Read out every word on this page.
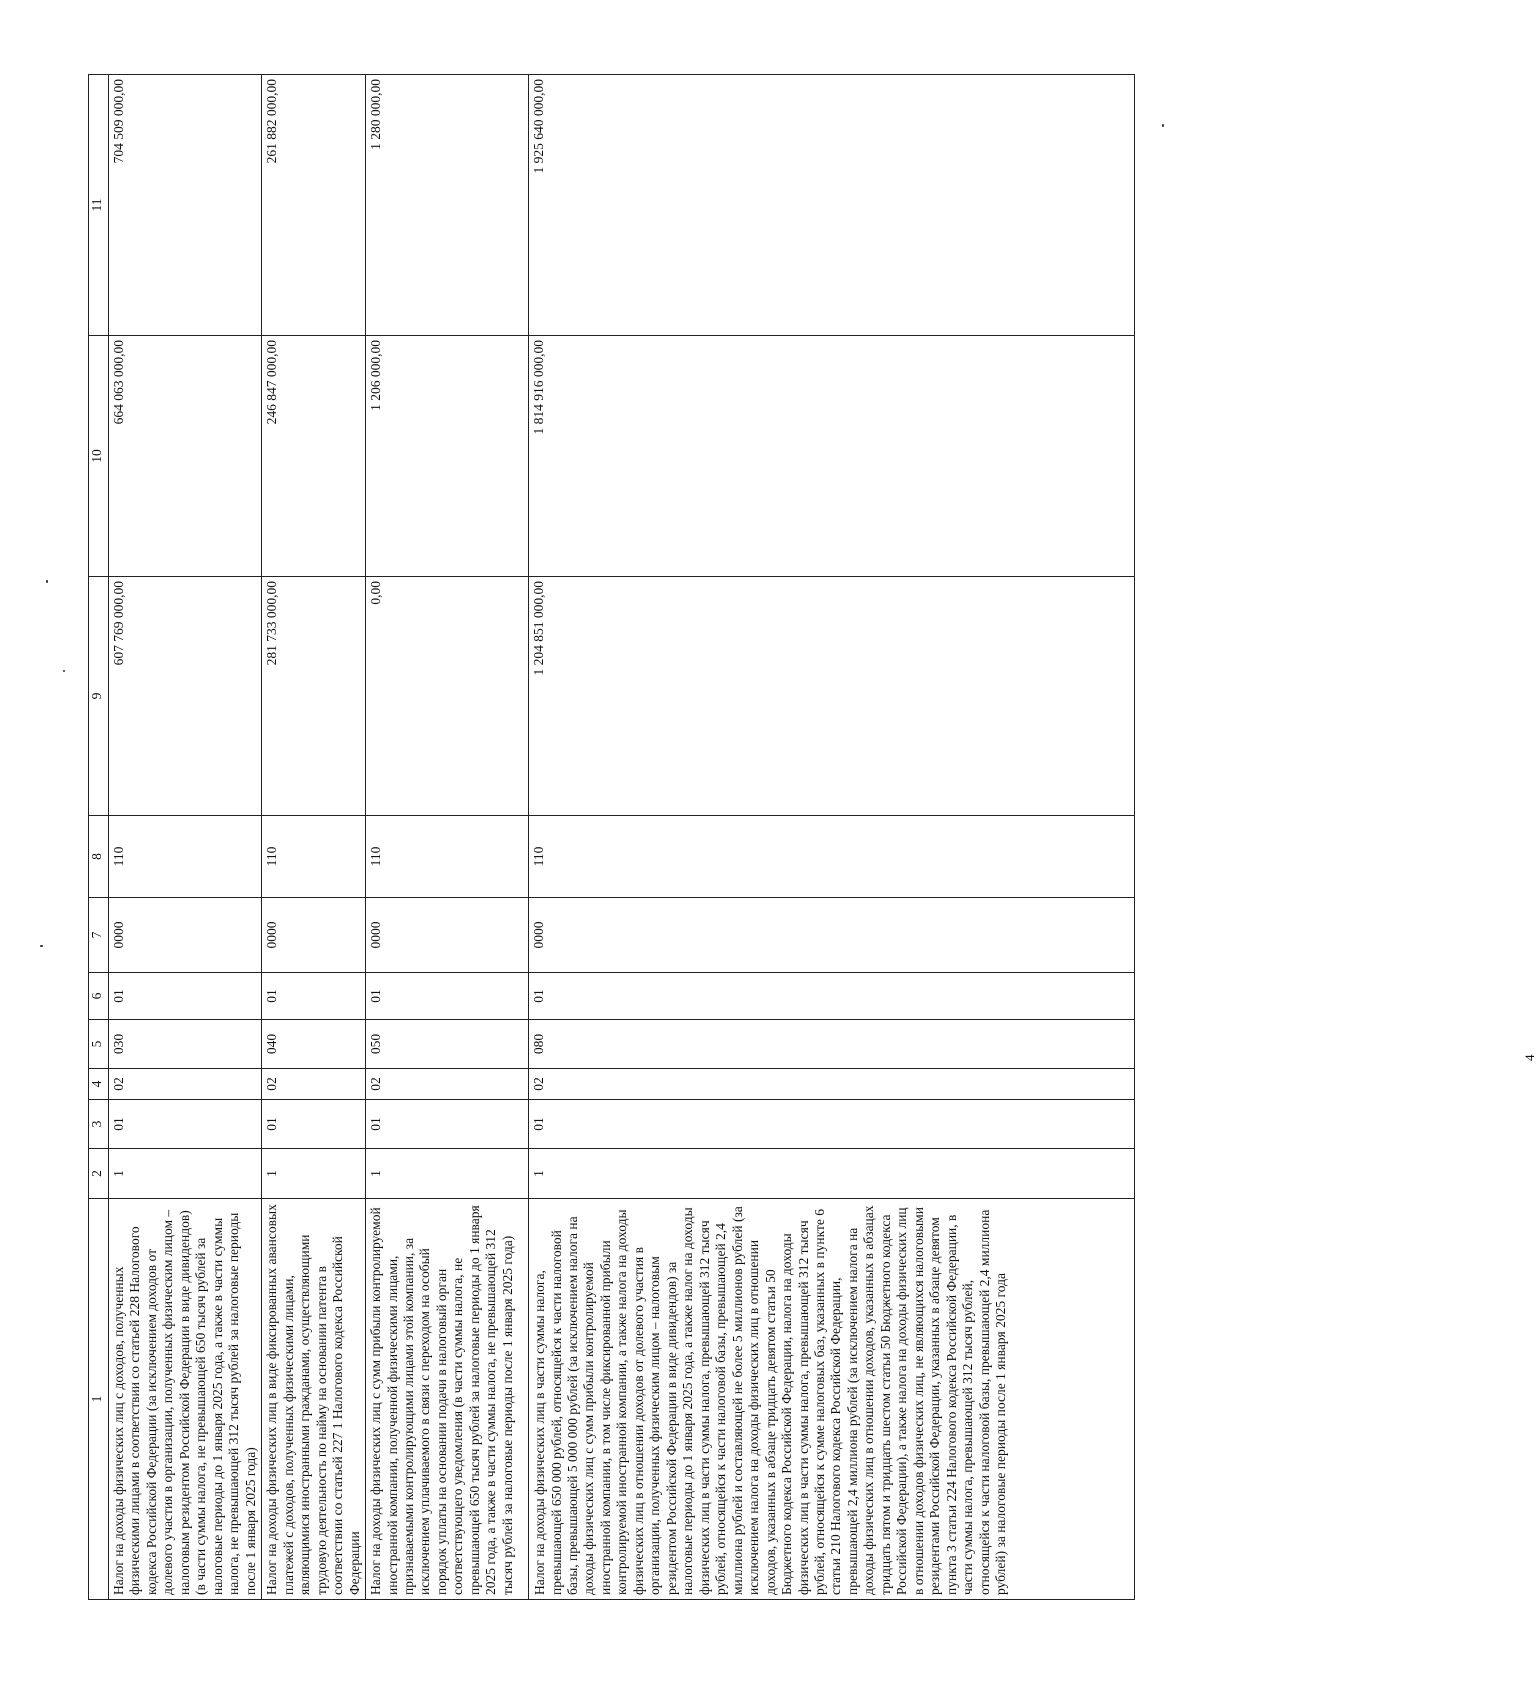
1	2	3	4	5	6	7	8	9	10	11
Налог на доходы физических лиц с доходов, полученных физическими лицами в соответствии со статьей 228 Налогового кодекса Российской Федерации (за исключением доходов от долевого участия в организации, полученных физическим лицом – налоговым резидентом Российской Федерации в виде дивидендов) (в части суммы налога, не превышающей 650 тысяч рублей за налоговые периоды до 1 января 2025 года, а также в части суммы налога, не превышающей 312 тысяч рублей за налоговые периоды после 1 января 2025 года)	1	01	02	030	01	0000	110	607 769 000,00	664 063 000,00	704 509 000,00
Налог на доходы физических лиц в виде фиксированных авансовых платежей с доходов, полученных физическими лицами, являющимися иностранными гражданами, осуществляющими трудовую деятельность по найму на основании патента в соответствии со статьей 227 1 Налогового кодекса Российской Федерации	1	01	02	040	01	0000	110	281 733 000,00	246 847 000,00	261 882 000,00
Налог на доходы физических лиц с сумм прибыли контролируемой иностранной компании, полученной физическими лицами, признаваемыми контролирующими лицами этой компании, за исключением уплачиваемого в связи с переходом на особый порядок уплаты на основании подачи в налоговый орган соответствующего уведомления (в части суммы налога, не превышающей 650 тысяч рублей за налоговые периоды до 1 января 2025 года, а также в части суммы налога, не превышающей 312 тысяч рублей за налоговые периоды после 1 января 2025 года)	1	01	02	050	01	0000	110	0,00	1 206 000,00	1 280 000,00
Налог на доходы физических лиц в части суммы налога, превышающей 650 000 рублей, относящейся к части налоговой базы, превышающей 5 000 000 рублей (за исключением налога на доходы физических лиц с сумм прибыли контролируемой иностранной компании, в том числе фиксированной прибыли контролируемой иностранной компании, а также налога на доходы физических лиц в отношении доходов от долевого участия в организации, полученных физическим лицом – налоговым резидентом Российской Федерации в виде дивидендов) за налоговые периоды до 1 января 2025 года, а также налог на доходы физических лиц в части суммы налога, превышающей 312 тысяч рублей, относящейся к части налоговой базы, превышающей 2,4 миллиона рублей и составляющей не более 5 миллионов рублей (за исключением налога на доходы физических лиц в отношении доходов, указанных в абзаце тридцать девятом статьи 50 Бюджетного кодекса Российской Федерации, налога на доходы физических лиц в части суммы налога, превышающей 312 тысяч рублей, относящейся к сумме налоговых баз, указанных в пункте 6 статьи 210 Налогового кодекса Российской Федерации, превышающей 2,4 миллиона рублей (за исключением налога на доходы физических лиц в отношении доходов, указанных в абзацах тридцать пятом и тридцать шестом статьи 50 Бюджетного кодекса Российской Федерации), а также налога на доходы физических лиц в отношении доходов физических лиц, не являющихся налоговыми резидентами Российской Федерации, указанных в абзаце девятом пункта 3 статьи 224 Налогового кодекса Российской Федерации, в части суммы налога, превышающей 312 тысяч рублей, относящейся к части налоговой базы, превышающей 2,4 миллиона рублей) за налоговые периоды после 1 января 2025 года	1	01	02	080	01	0000	110	1 204 851 000,00	1 814 916 000,00	1 925 640 000,00
4
